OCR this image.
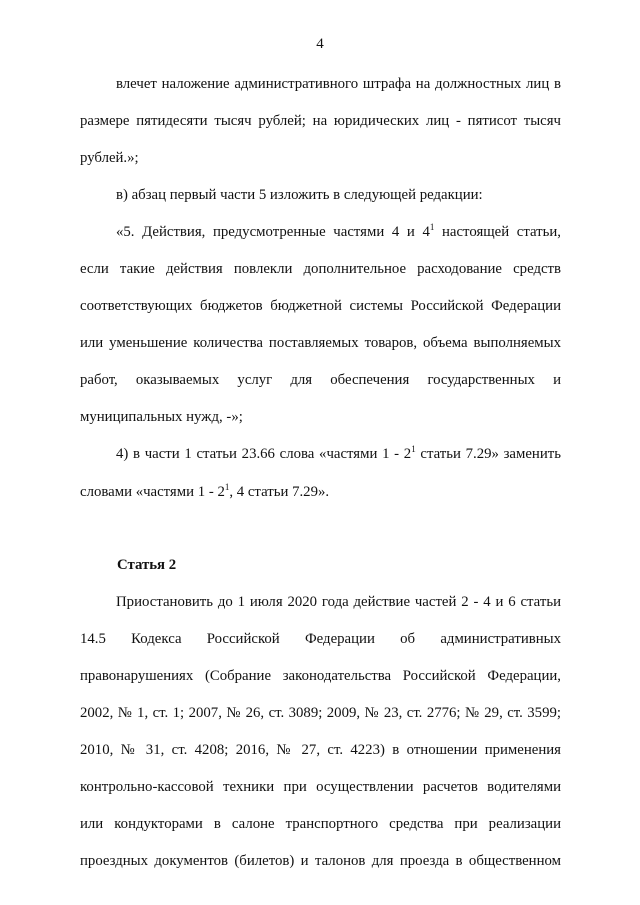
4
влечет наложение административного штрафа на должностных лиц в
размере пятидесяти тысяч рублей; на юридических лиц - пятисот тысяч
рублей.»;
в) абзац первый части 5 изложить в следующей редакции:
«5. Действия, предусмотренные частями 4 и $4^1$ настоящей статьи,
если такие действия повлекли дополнительное расходование средств
соответствующих бюджетов бюджетной системы Российской Федерации
или уменьшение количества поставляемых товаров, объема выполняемых
работ, оказываемых услуг для обеспечения государственных и
муниципальных нужд, -»;
4) в части 1 статьи 23.66 слова «частями $1 - 2^1$ статьи 7.29» заменить
словами «частями $1 - 2^1$, 4 статьи 7.29».
Статья 2
Приостановить до 1 июля 2020 года действие частей 2 - 4 и 6 статьи
14.5 Кодекса Российской Федерации об административных
правонарушениях (Собрание законодательства Российской Федерации,
2002, № 1, ст. 1; 2007, № 26, ст. 3089; 2009, № 23, ст. 2776; № 29, ст. 3599;
2010, № 31, ст. 4208; 2016, № 27, ст. 4223) в отношении применения
контрольно-кассовой техники при осуществлении расчетов водителями
или кондукторами в салоне транспортного средства при реализации
проездных документов (билетов) и талонов для проезда в общественном
